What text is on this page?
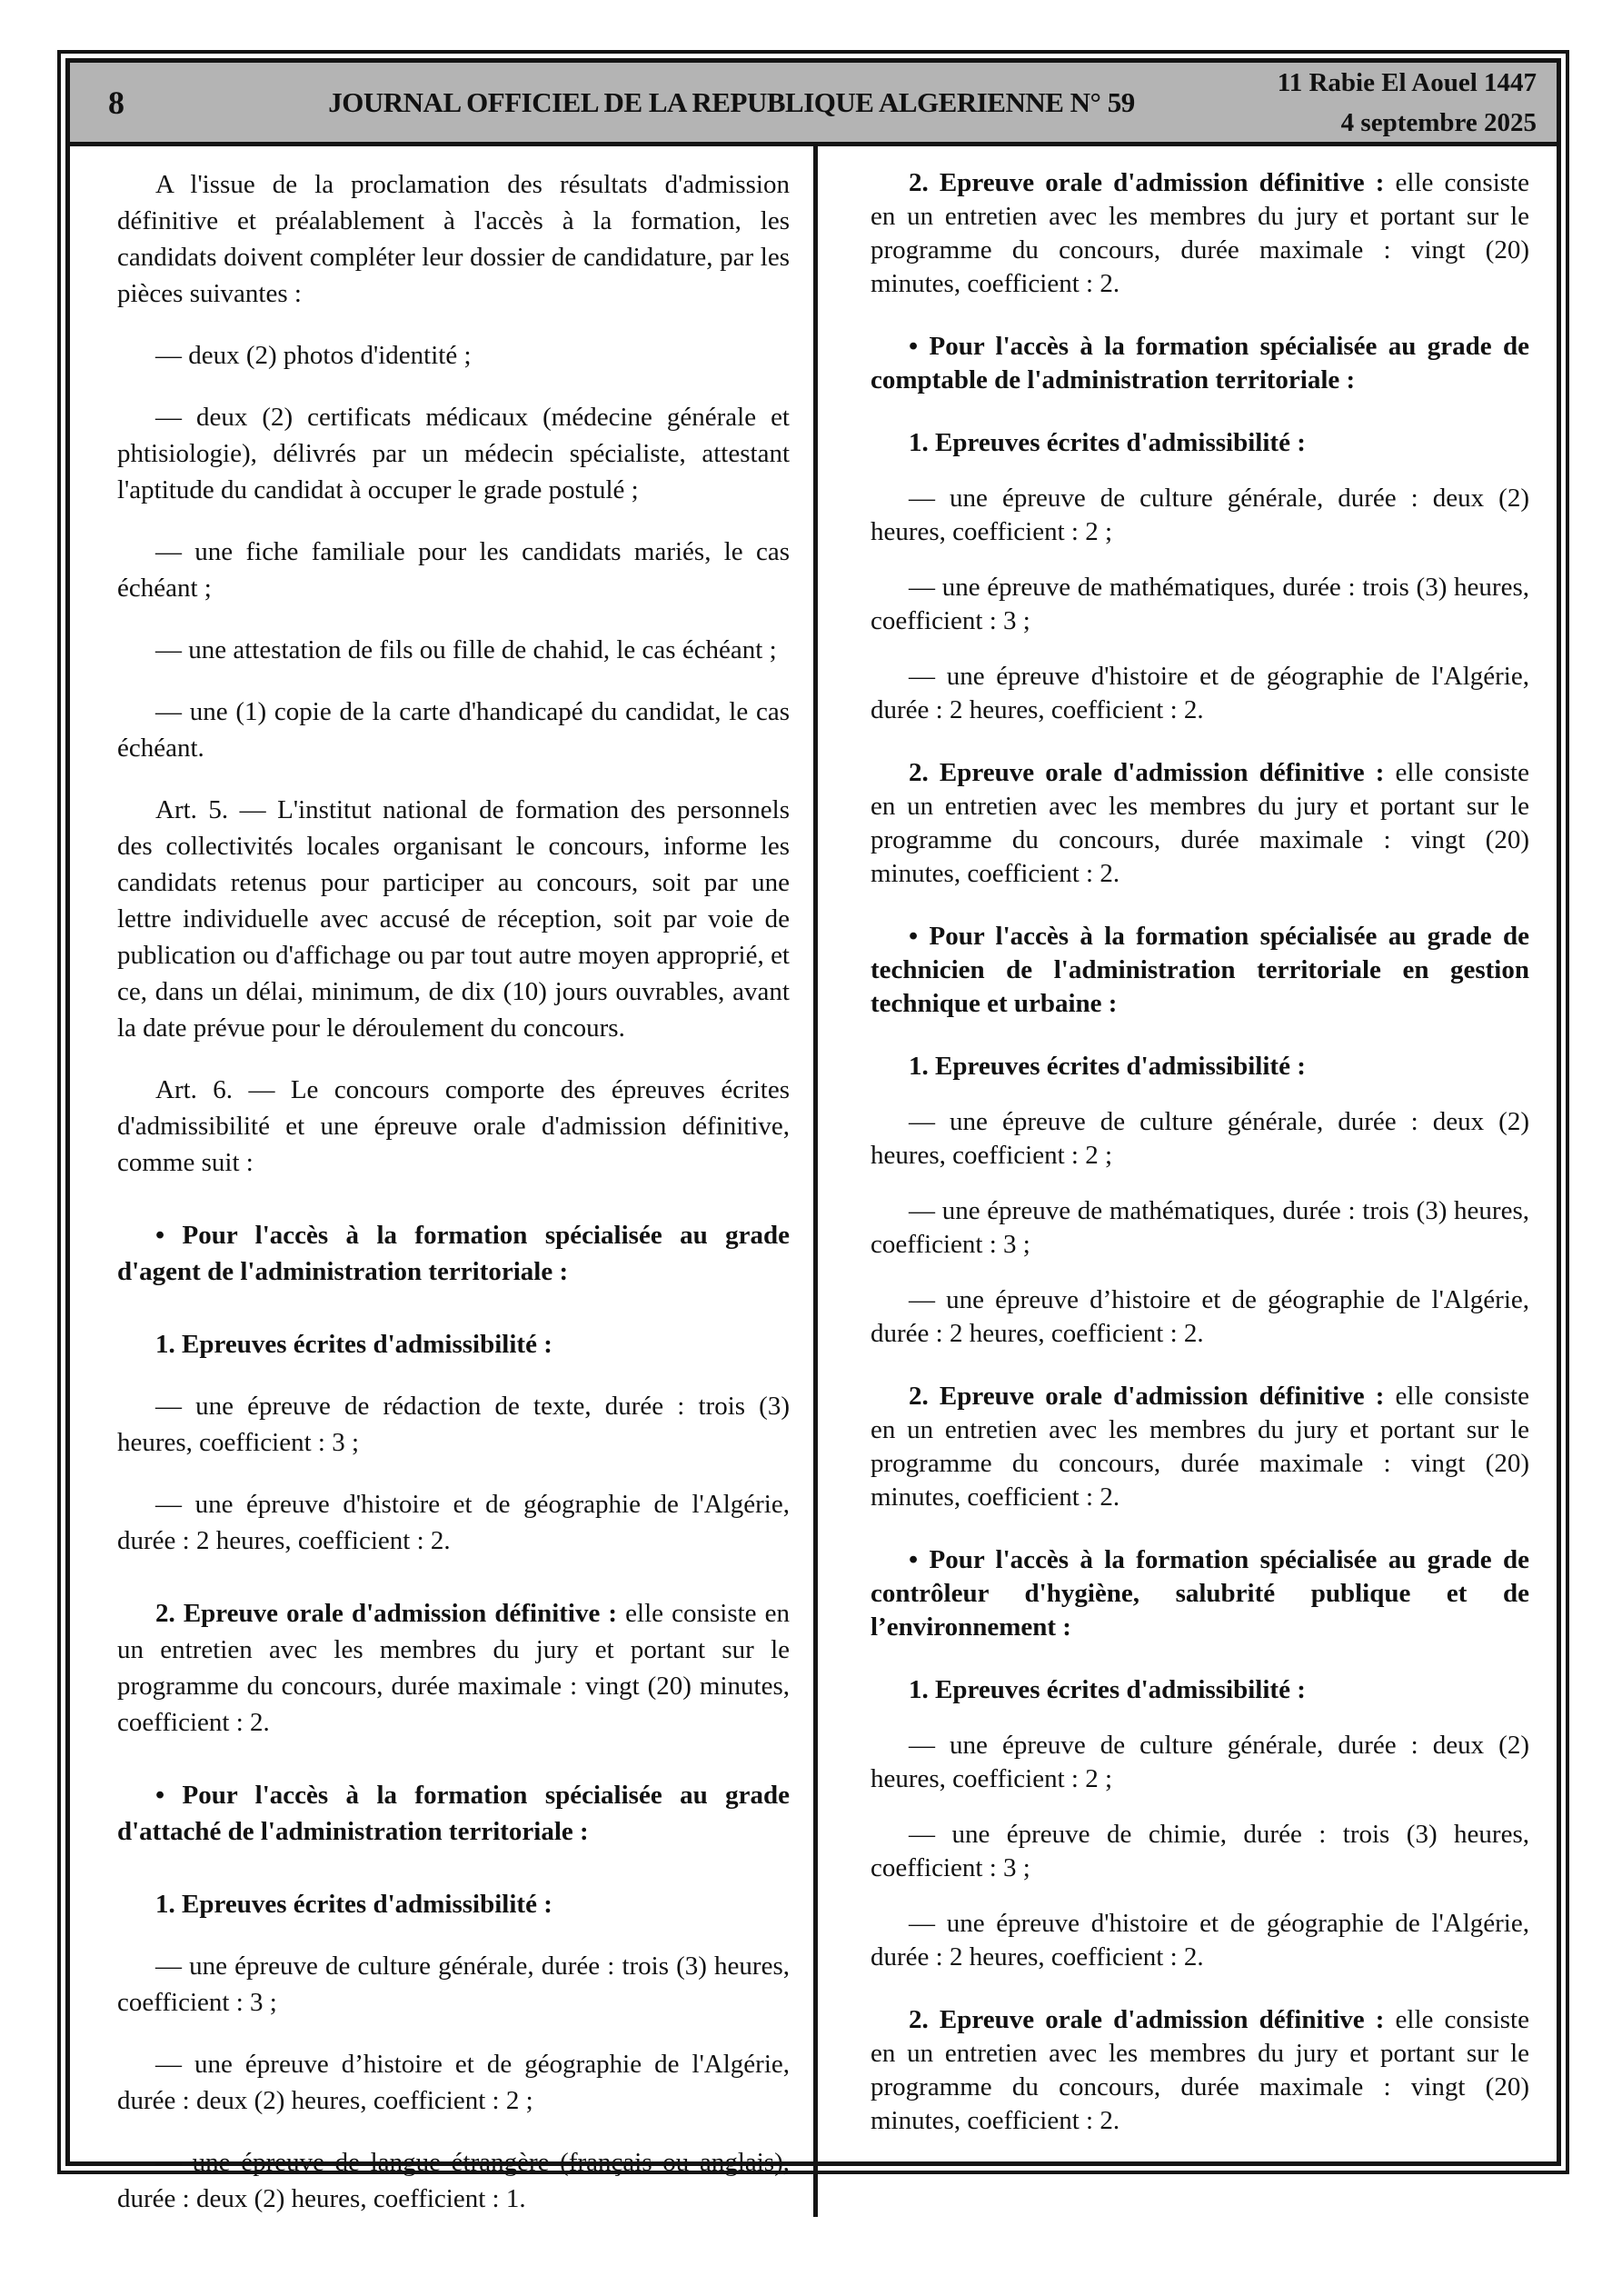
8	JOURNAL OFFICIEL DE LA REPUBLIQUE ALGERIENNE N° 59
11 Rabie El Aouel 1447
4 septembre 2025

A l'issue de la proclamation des résultats d'admission définitive et préalablement à l'accès à la formation, les candidats doivent compléter leur dossier de candidature, par les pièces suivantes :

— deux (2) photos d'identité ;

— deux (2) certificats médicaux (médecine générale et phtisiologie), délivrés par un médecin spécialiste, attestant l'aptitude du candidat à occuper le grade postulé ;

— une fiche familiale pour les candidats mariés, le cas échéant ;

— une attestation de fils ou fille de chahid, le cas échéant ;

— une (1) copie de la carte d'handicapé du candidat, le cas échéant.

Art. 5. — L'institut national de formation des personnels des collectivités locales organisant le concours, informe les candidats retenus pour participer au concours, soit par une lettre individuelle avec accusé de réception, soit par voie de publication ou d'affichage ou par tout autre moyen approprié, et ce, dans un délai, minimum, de dix (10) jours ouvrables, avant la date prévue pour le déroulement du concours.

Art. 6. — Le concours comporte des épreuves écrites d'admissibilité et une épreuve orale d'admission définitive, comme suit :

• Pour l'accès à la formation spécialisée au grade d'agent de l'administration territoriale :

1. Epreuves écrites d'admissibilité :

— une épreuve de rédaction de texte, durée : trois (3) heures, coefficient : 3 ;

— une épreuve d'histoire et de géographie de l'Algérie, durée : 2 heures, coefficient : 2.

2. Epreuve orale d'admission définitive : elle consiste en un entretien avec les membres du jury et portant sur le programme du concours, durée maximale : vingt (20) minutes, coefficient : 2.

• Pour l'accès à la formation spécialisée au grade d'attaché de l'administration territoriale :

1. Epreuves écrites d'admissibilité :

— une épreuve de culture générale, durée : trois (3) heures, coefficient : 3 ;

— une épreuve d’histoire et de géographie de l'Algérie, durée : deux (2) heures, coefficient : 2 ;

— une épreuve de langue étrangère (français ou anglais), durée : deux (2) heures, coefficient : 1.

2. Epreuve orale d'admission définitive : elle consiste en un entretien avec les membres du jury et portant sur le programme du concours, durée maximale : vingt (20) minutes, coefficient : 2.

• Pour l'accès à la formation spécialisée au grade de comptable de l'administration territoriale :

1. Epreuves écrites d'admissibilité :

— une épreuve de culture générale, durée : deux (2) heures, coefficient : 2 ;

— une épreuve de mathématiques, durée : trois (3) heures, coefficient : 3 ;

— une épreuve d'histoire et de géographie de l'Algérie, durée : 2 heures, coefficient : 2.

2. Epreuve orale d'admission définitive : elle consiste en un entretien avec les membres du jury et portant sur le programme du concours, durée maximale : vingt (20) minutes, coefficient : 2.

• Pour l'accès à la formation spécialisée au grade de technicien de l'administration territoriale en gestion technique et urbaine :

1. Epreuves écrites d'admissibilité :

— une épreuve de culture générale, durée : deux (2) heures, coefficient : 2 ;

— une épreuve de mathématiques, durée : trois (3) heures, coefficient : 3 ;

— une épreuve d’histoire et de géographie de l'Algérie, durée : 2 heures, coefficient : 2.

2. Epreuve orale d'admission définitive : elle consiste en un entretien avec les membres du jury et portant sur le programme du concours, durée maximale : vingt (20) minutes, coefficient : 2.

• Pour l'accès à la formation spécialisée au grade de contrôleur d'hygiène, salubrité publique et de l’environnement :

1. Epreuves écrites d'admissibilité :

— une épreuve de culture générale, durée : deux (2) heures, coefficient : 2 ;

— une épreuve de chimie, durée : trois (3) heures, coefficient : 3 ;

— une épreuve d'histoire et de géographie de l'Algérie, durée : 2 heures, coefficient : 2.

2. Epreuve orale d'admission définitive : elle consiste en un entretien avec les membres du jury et portant sur le programme du concours, durée maximale : vingt (20) minutes, coefficient : 2.
